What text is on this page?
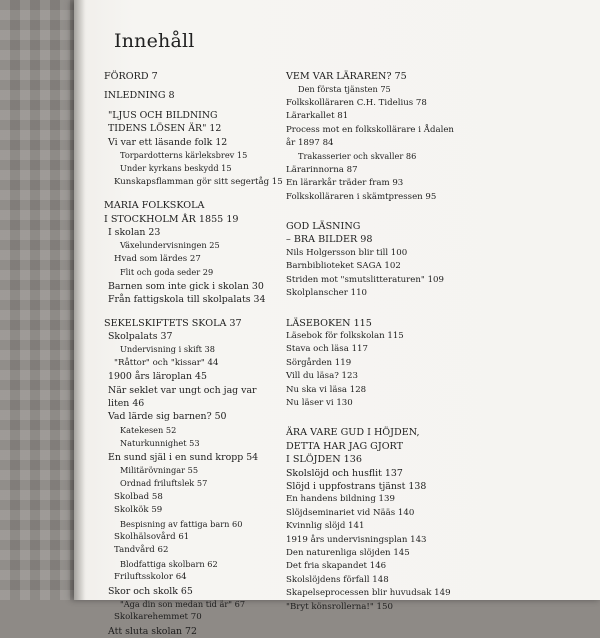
Innehåll
FÖRORD 7
INLEDNING 8
"LJUS OCH BILDNING
TIDENS LÖSEN ÄR" 12
Vi var ett läsande folk 12
Torpardotterns kärleksbrev 15
Under kyrkans beskydd 15
Kunskapsflamman gör sitt segertåg 15
MARIA FOLKSKOLA
I STOCKHOLM ÅR 1855 19
I skolan 23
Växelundervisningen 25
Hvad som lärdes 27
Flit och goda seder 29
Barnen som inte gick i skolan 30
Från fattigskola till skolpalats 34
SEKELSKIFTETS SKOLA 37
Skolpalats 37
Undervisning i skift 38
"Råttor" och "kissar" 44
1900 års läroplan 45
När seklet var ungt och jag var
liten 46
Vad lärde sig barnen? 50
Katekesen 52
Naturkunnighet 53
En sund själ i en sund kropp 54
Militärövningar 55
Ordnad friluftslek 57
Skolbad 58
Skolkök 59
Bespisning av fattiga barn 60
Skolhälsovård 61
Tandvård 62
Blodfattiga skolbarn 62
Friluftsskolor 64
Skor och skolk 65
"Aga din son medan tid är" 67
Skolkarehemmet 70
Att sluta skolan 72
VEM VAR LÄRAREN? 75
Den första tjänsten 75
Folkskolläraren C.H. Tidelius 78
Lärarkallet 81
Process mot en folkskollärare i Ådalen
år 1897 84
Trakasserier och skvaller 86
Lärarinnorna 87
En lärarkår träder fram 93
Folkskolläraren i skämtpressen 95
GOD LÄSNING
– BRA BILDER 98
Nils Holgersson blir till 100
Barnbiblioteket SAGA 102
Striden mot "smutslitteraturen" 109
Skolplanscher 110
LÄSEBOKEN 115
Läsebok för folkskolan 115
Stava och läsa 117
Sörgården 119
Vill du läsa? 123
Nu ska vi läsa 128
Nu läser vi 130
ÄRA VARE GUD I HÖJDEN,
DETTA HAR JAG GJORT
I SLÖJDEN 136
Skolslöjd och husflit 137
Slöjd i uppfostrans tjänst 138
En handens bildning 139
Slöjdseminariet vid Nääs 140
Kvinnlig slöjd 141
1919 års undervisningsplan 143
Den naturenliga slöjden 145
Det fria skapandet 146
Skolslöjdens förfall 148
Skapelseprocessen blir huvudsak 149
"Bryt könsrollerna!" 150
